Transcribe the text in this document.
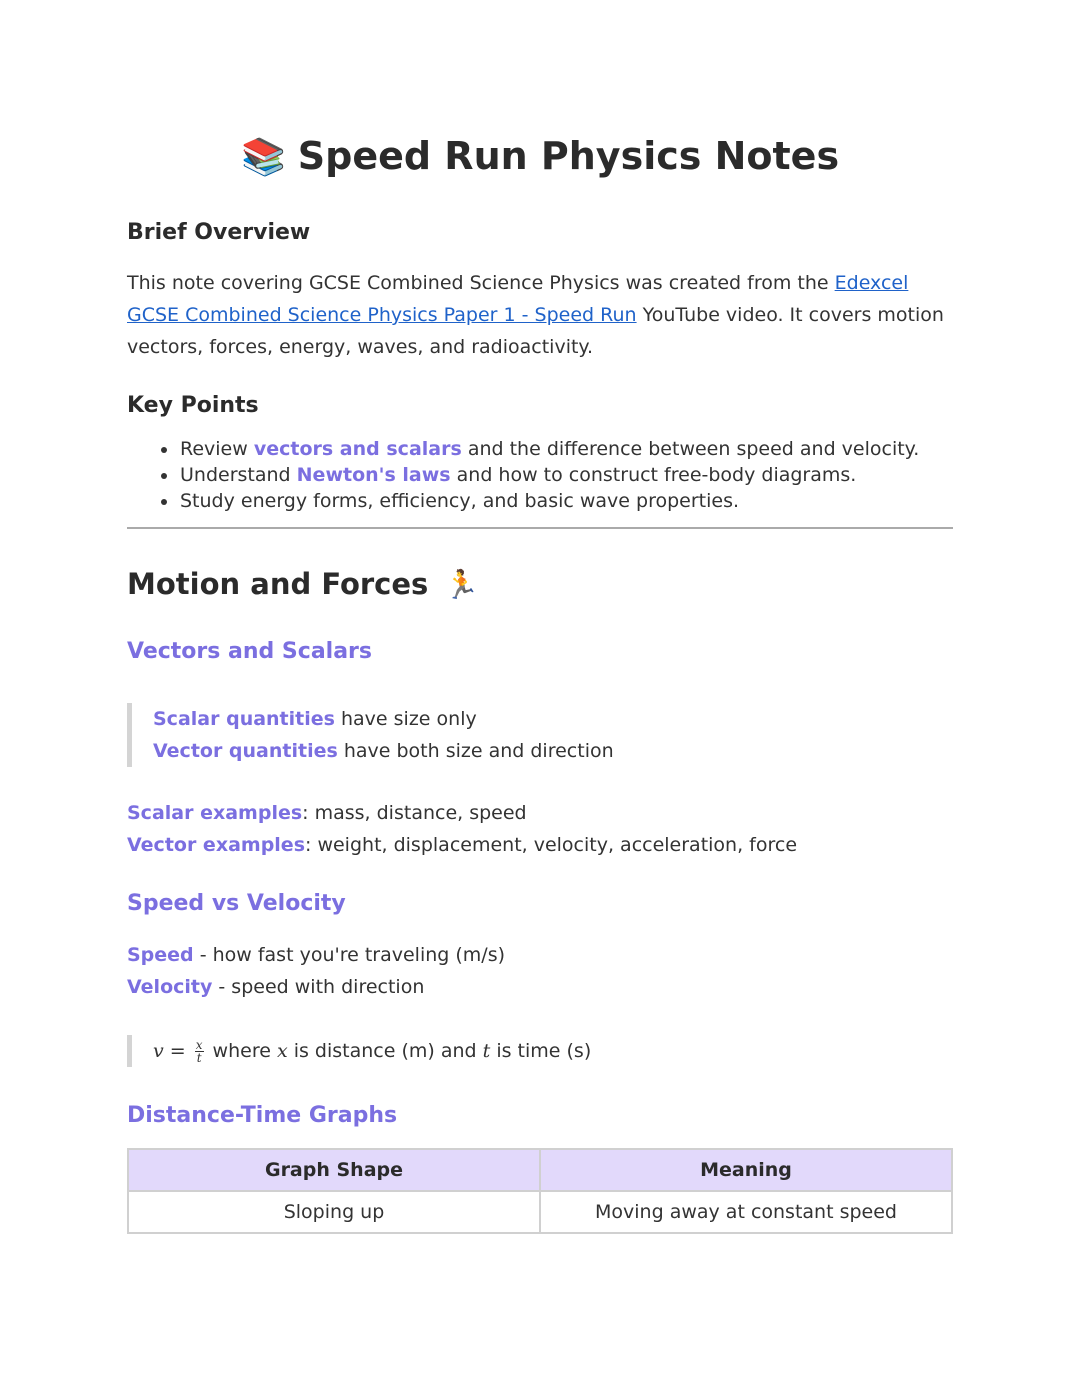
📚 Speed Run Physics Notes
Brief Overview

This note covering GCSE Combined Science Physics was created from the Edexcel GCSE Combined Science Physics Paper 1 - Speed Run YouTube video. It covers motion vectors, forces, energy, waves, and radioactivity.

Key Points
Review vectors and scalars and the difference between speed and velocity.
Understand Newton's laws and how to construct free-body diagrams.
Study energy forms, efficiency, and basic wave properties.
Motion and Forces 🏃
Vectors and Scalars
Scalar quantities have size only
Vector quantities have both size and direction
Scalar examples: mass, distance, speed
Vector examples: weight, displacement, velocity, acceleration, force
Speed vs Velocity
Speed - how fast you're traveling (m/s)
Velocity - speed with direction
$v = \frac{x}{t}$ where x is distance (m) and t is time (s)
Distance-Time Graphs
Graph Shape	Meaning
Sloping up	Moving away at constant speed
